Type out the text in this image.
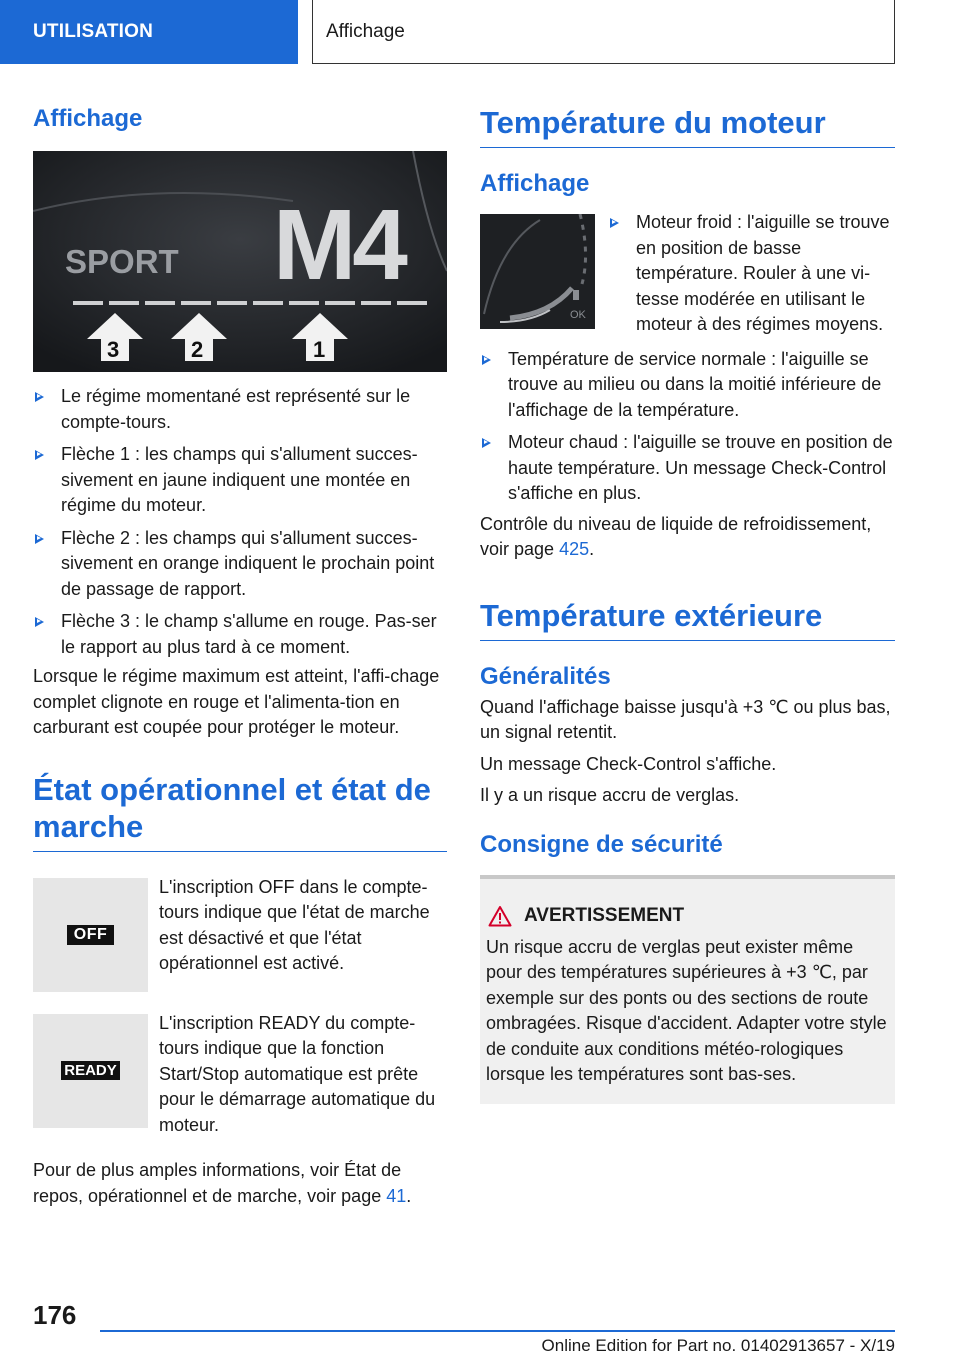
UTILISATION	Affichage
Affichage
SPORT M4
3	2	1
Le régime momentané est représenté sur le compte-tours.
Flèche 1 : les champs qui s'allument succes-sivement en jaune indiquent une montée en régime du moteur.
Flèche 2 : les champs qui s'allument succes-sivement en orange indiquent le prochain point de passage de rapport.
Flèche 3 : le champ s'allume en rouge. Pas-ser le rapport au plus tard à ce moment.

Lorsque le régime maximum est atteint, l'affi-chage complet clignote en rouge et l'alimenta-tion en carburant est coupée pour protéger le moteur.

État opérationnel et état de marche
OFF

L'inscription OFF dans le compte-tours indique que l'état de marche est désactivé et que l'état opérationnel est activé.

READY

L'inscription READY du compte-tours indique que la fonction Start/Stop automatique est prête pour le démarrage automatique du moteur.

Pour de plus amples informations, voir État de repos, opérationnel et de marche, voir page 41.

Température du moteur
Affichage
OK
Moteur froid : l'aiguille se trouve en position de basse température. Rouler à une vi-tesse modérée en utilisant le moteur à des régimes moyens.
Température de service normale : l'aiguille se trouve au milieu ou dans la moitié inférieure de l'affichage de la température.
Moteur chaud : l'aiguille se trouve en position de haute température. Un message Check-Control s'affiche en plus.

Contrôle du niveau de liquide de refroidissement, voir page 425.

Température extérieure
Généralités

Quand l'affichage baisse jusqu'à +3 ℃ ou plus bas, un signal retentit.

Un message Check-Control s'affiche.

Il y a un risque accru de verglas.

Consigne de sécurité
AVERTISSEMENT

Un risque accru de verglas peut exister même pour des températures supérieures à +3 ℃, par exemple sur des ponts ou des sections de route ombragées. Risque d'accident. Adapter votre style de conduite aux conditions météo-rologiques lorsque les températures sont bas-ses.

176
Online Edition for Part no. 01402913657 - X/19
